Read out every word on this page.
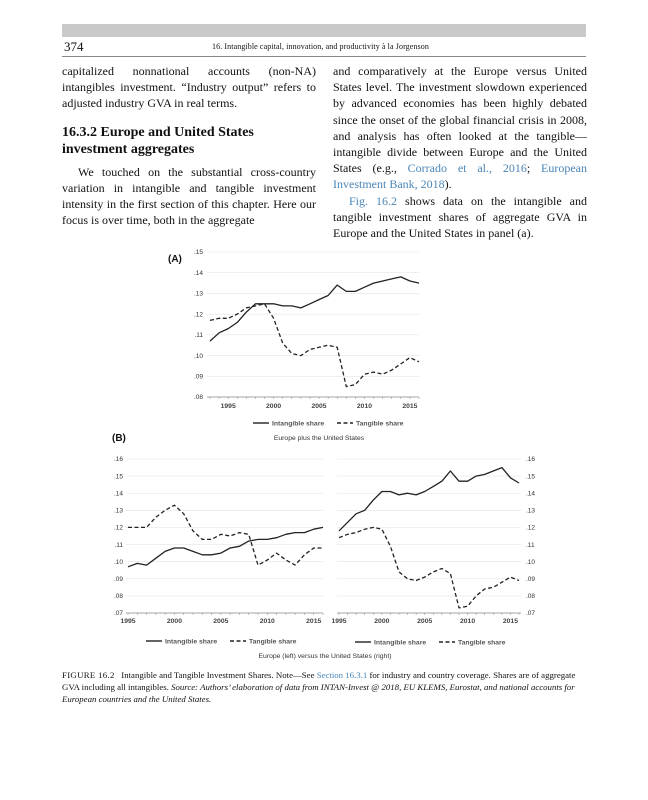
374	16. Intangible capital, innovation, and productivity à la Jorgenson

capitalized nonnational accounts (non-NA) intangibles investment. “Industry output” refers to adjusted industry GVA in real terms.

16.3.2 Europe and United States investment aggregates

We touched on the substantial cross-country variation in intangible and tangible investment intensity in the first section of this chapter. Here our focus is over time, both in the aggregate

and comparatively at the Europe versus United States level. The investment slowdown experienced by advanced economies has been highly debated since the onset of the global financial crisis in 2008, and analysis has often looked at the tangible—intangible divide between Europe and the United States (e.g., Corrado et al., 2016; European Investment Bank, 2018).

Fig. 16.2 shows data on the intangible and tangible investment shares of aggregate GVA in Europe and the United States in panel (a).

.08
.09
.10
.11
.12
.13
.14
.15
1995	2000	2005	2010	2015
.07
.08
.09
.10
.11
.12
.13
.14
.15
.16
1995	2000	2005	2010	2015
.07
.08
.09
.10
.11
.12
.13
.14
.15
.16
1995	2000	2005	2010	2015
Intangible share	Tangible share
Intangible share	Tangible share	Intangible share	Tangible share
(A)
(B)	Europe plus the United States
Europe (left) versus the United States (right)
FIGURE 16.2 Intangible and Tangible Investment Shares. Note—See Section 16.3.1 for industry and country coverage. Shares are of aggregate GVA including all intangibles. Source: Authors’ elaboration of data from INTAN-Invest @ 2018, EU KLEMS, Eurostat, and national accounts for European countries and the United States.
